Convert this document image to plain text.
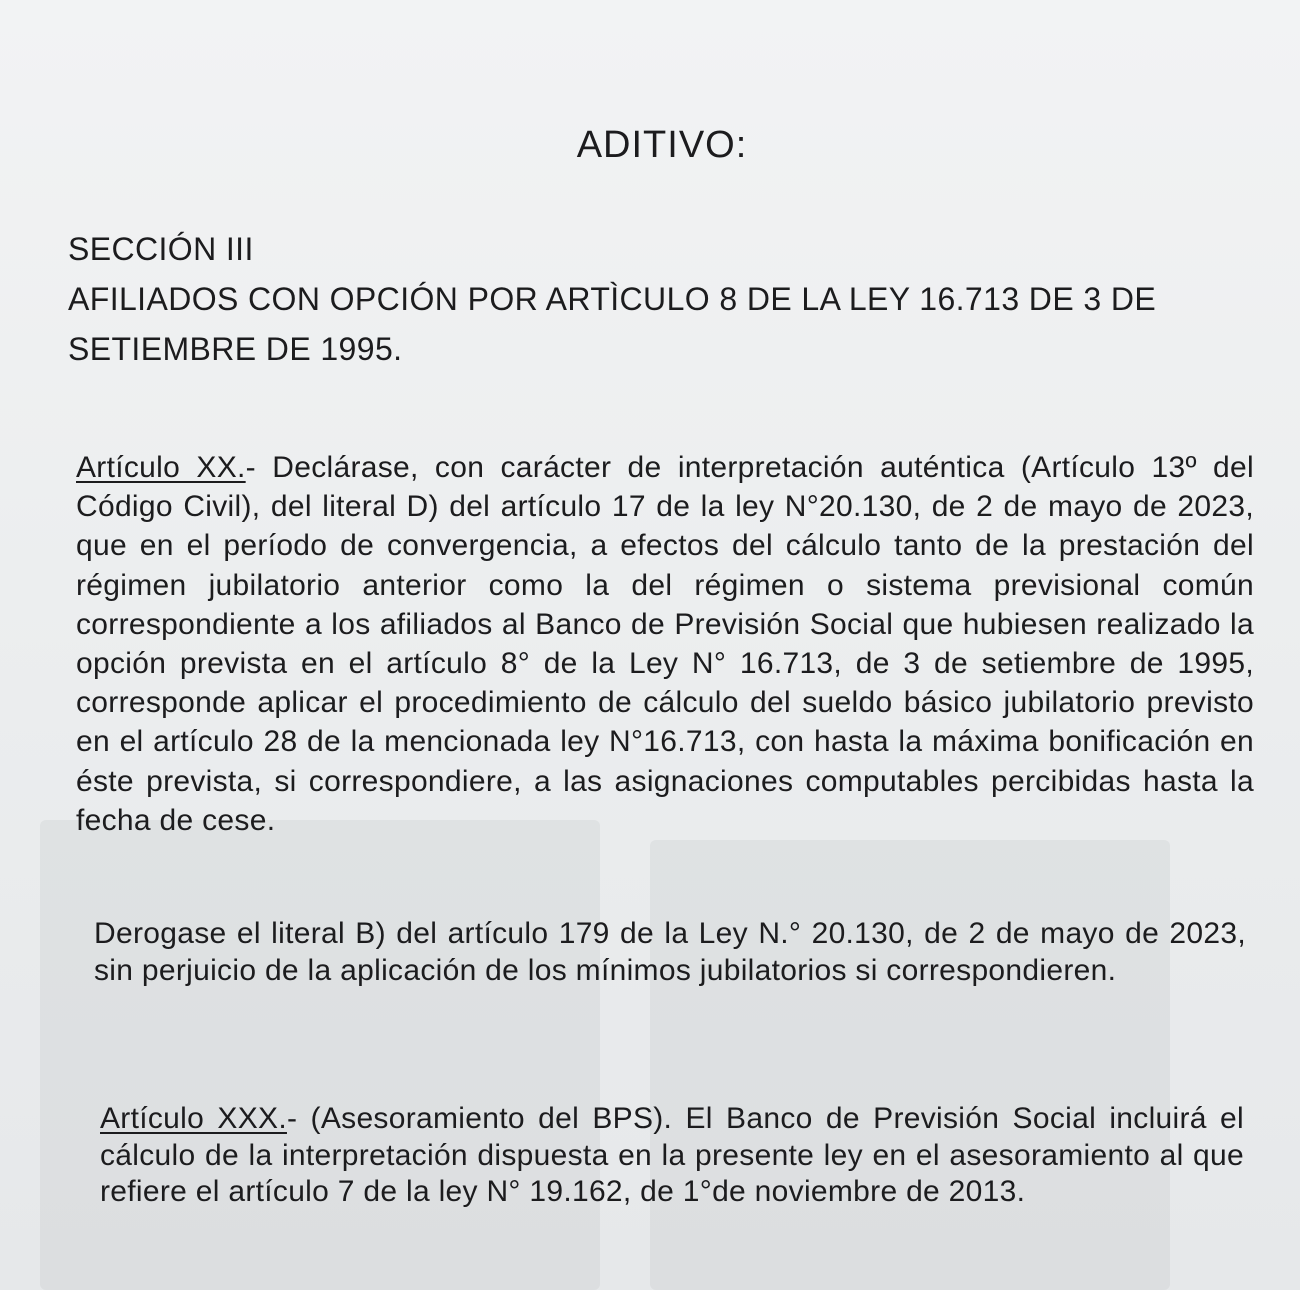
ADITIVO:
SECCIÓN III
AFILIADOS CON OPCIÓN POR ARTÌCULO 8 DE LA LEY 16.713 DE 3 DE
SETIEMBRE DE 1995.
Artículo XX.- Declárase, con carácter de interpretación auténtica (Artículo 13º del Código Civil), del literal D) del artículo 17 de la ley N°20.130, de 2 de mayo de 2023, que en el período de convergencia, a efectos del cálculo tanto de la prestación del régimen jubilatorio anterior como la del régimen o sistema previsional común correspondiente a los afiliados al Banco de Previsión Social que hubiesen realizado la opción prevista en el artículo 8° de la Ley N° 16.713, de 3 de setiembre de 1995, corresponde aplicar el procedimiento de cálculo del sueldo básico jubilatorio previsto en el artículo 28 de la mencionada ley N°16.713, con hasta la máxima bonificación en éste prevista, si correspondiere, a las asignaciones computables percibidas hasta la fecha de cese.
Derogase el literal B) del artículo 179 de la Ley N.° 20.130, de 2 de mayo de 2023, sin perjuicio de la aplicación de los mínimos jubilatorios si correspondieren.
Artículo XXX.- (Asesoramiento del BPS). El Banco de Previsión Social incluirá el cálculo de la interpretación dispuesta en la presente ley en el asesoramiento al que refiere el artículo 7 de la ley N° 19.162, de 1°de noviembre de 2013.
